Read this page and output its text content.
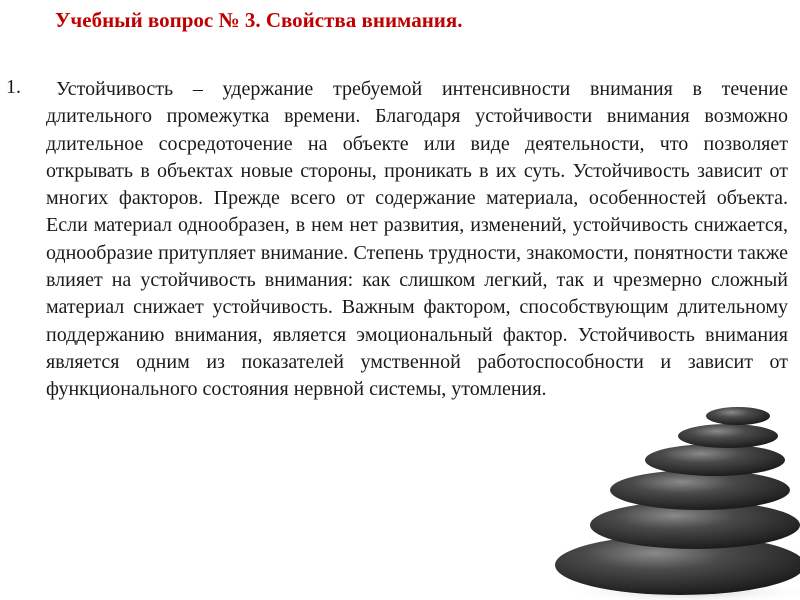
Учебный вопрос № 3. Свойства внимания.
1.	Устойчивость – удержание требуемой интенсивности внимания в течение длительного промежутка времени. Благодаря устойчивости внимания возможно длительное сосредоточение на объекте или виде деятельности, что позволяет открывать в объектах новые стороны, проникать в их суть. Устойчивость зависит от многих факторов. Прежде всего от содержание материала, особенностей объекта. Если материал однообразен, в нем нет развития, изменений, устойчивость снижается, однообразие притупляет внимание. Степень трудности, знакомости, понятности также влияет на устойчивость внимания: как слишком легкий, так и чрезмерно сложный материал снижает устойчивость. Важным фактором, способствующим длительному поддержанию внимания, является эмоциональный фактор. Устойчивость внимания является одним из показателей умственной работоспособности и зависит от функционального состояния нервной системы, утомления.
